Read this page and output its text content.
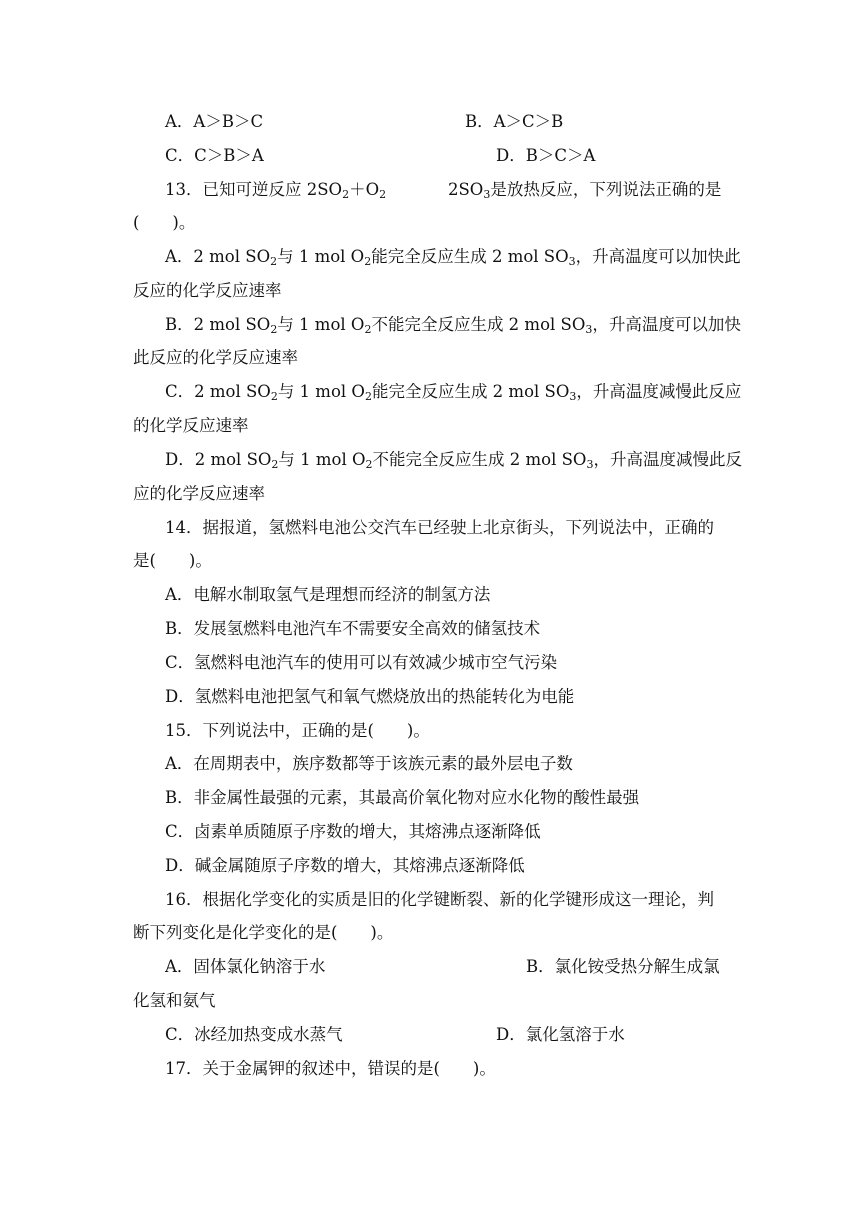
A．A＞B＞C	B．A＞C＞B
C．C＞B＞A	D．B＞C＞A
13．已知可逆反应 $2SO_2+O_2$	$2SO_3$是放热反应，下列说法正确的是
(　　)。
A．2 mol $SO_2$与 1 mol $O_2$能完全反应生成 2 mol $SO_3$，升高温度可以加快此
反应的化学反应速率
B．2 mol $SO_2$与 1 mol $O_2$不能完全反应生成 2 mol $SO_3$，升高温度可以加快
此反应的化学反应速率
C．2 mol $SO_2$与 1 mol $O_2$能完全反应生成 2 mol $SO_3$，升高温度减慢此反应
的化学反应速率
D．2 mol $SO_2$与 1 mol $O_2$不能完全反应生成 2 mol $SO_3$，升高温度减慢此反
应的化学反应速率
14．据报道，氢燃料电池公交汽车已经驶上北京街头，下列说法中，正确的
是(　　)。
A．电解水制取氢气是理想而经济的制氢方法
B．发展氢燃料电池汽车不需要安全高效的储氢技术
C．氢燃料电池汽车的使用可以有效减少城市空气污染
D．氢燃料电池把氢气和氧气燃烧放出的热能转化为电能
15．下列说法中，正确的是(　　)。
A．在周期表中，族序数都等于该族元素的最外层电子数
B．非金属性最强的元素，其最高价氧化物对应水化物的酸性最强
C．卤素单质随原子序数的增大，其熔沸点逐渐降低
D．碱金属随原子序数的增大，其熔沸点逐渐降低
16．根据化学变化的实质是旧的化学键断裂、新的化学键形成这一理论，判
断下列变化是化学变化的是(　　)。
A．固体氯化钠溶于水	B．氯化铵受热分解生成氯
化氢和氨气
C．冰经加热变成水蒸气	D．氯化氢溶于水
17．关于金属钾的叙述中，错误的是(　　)。
